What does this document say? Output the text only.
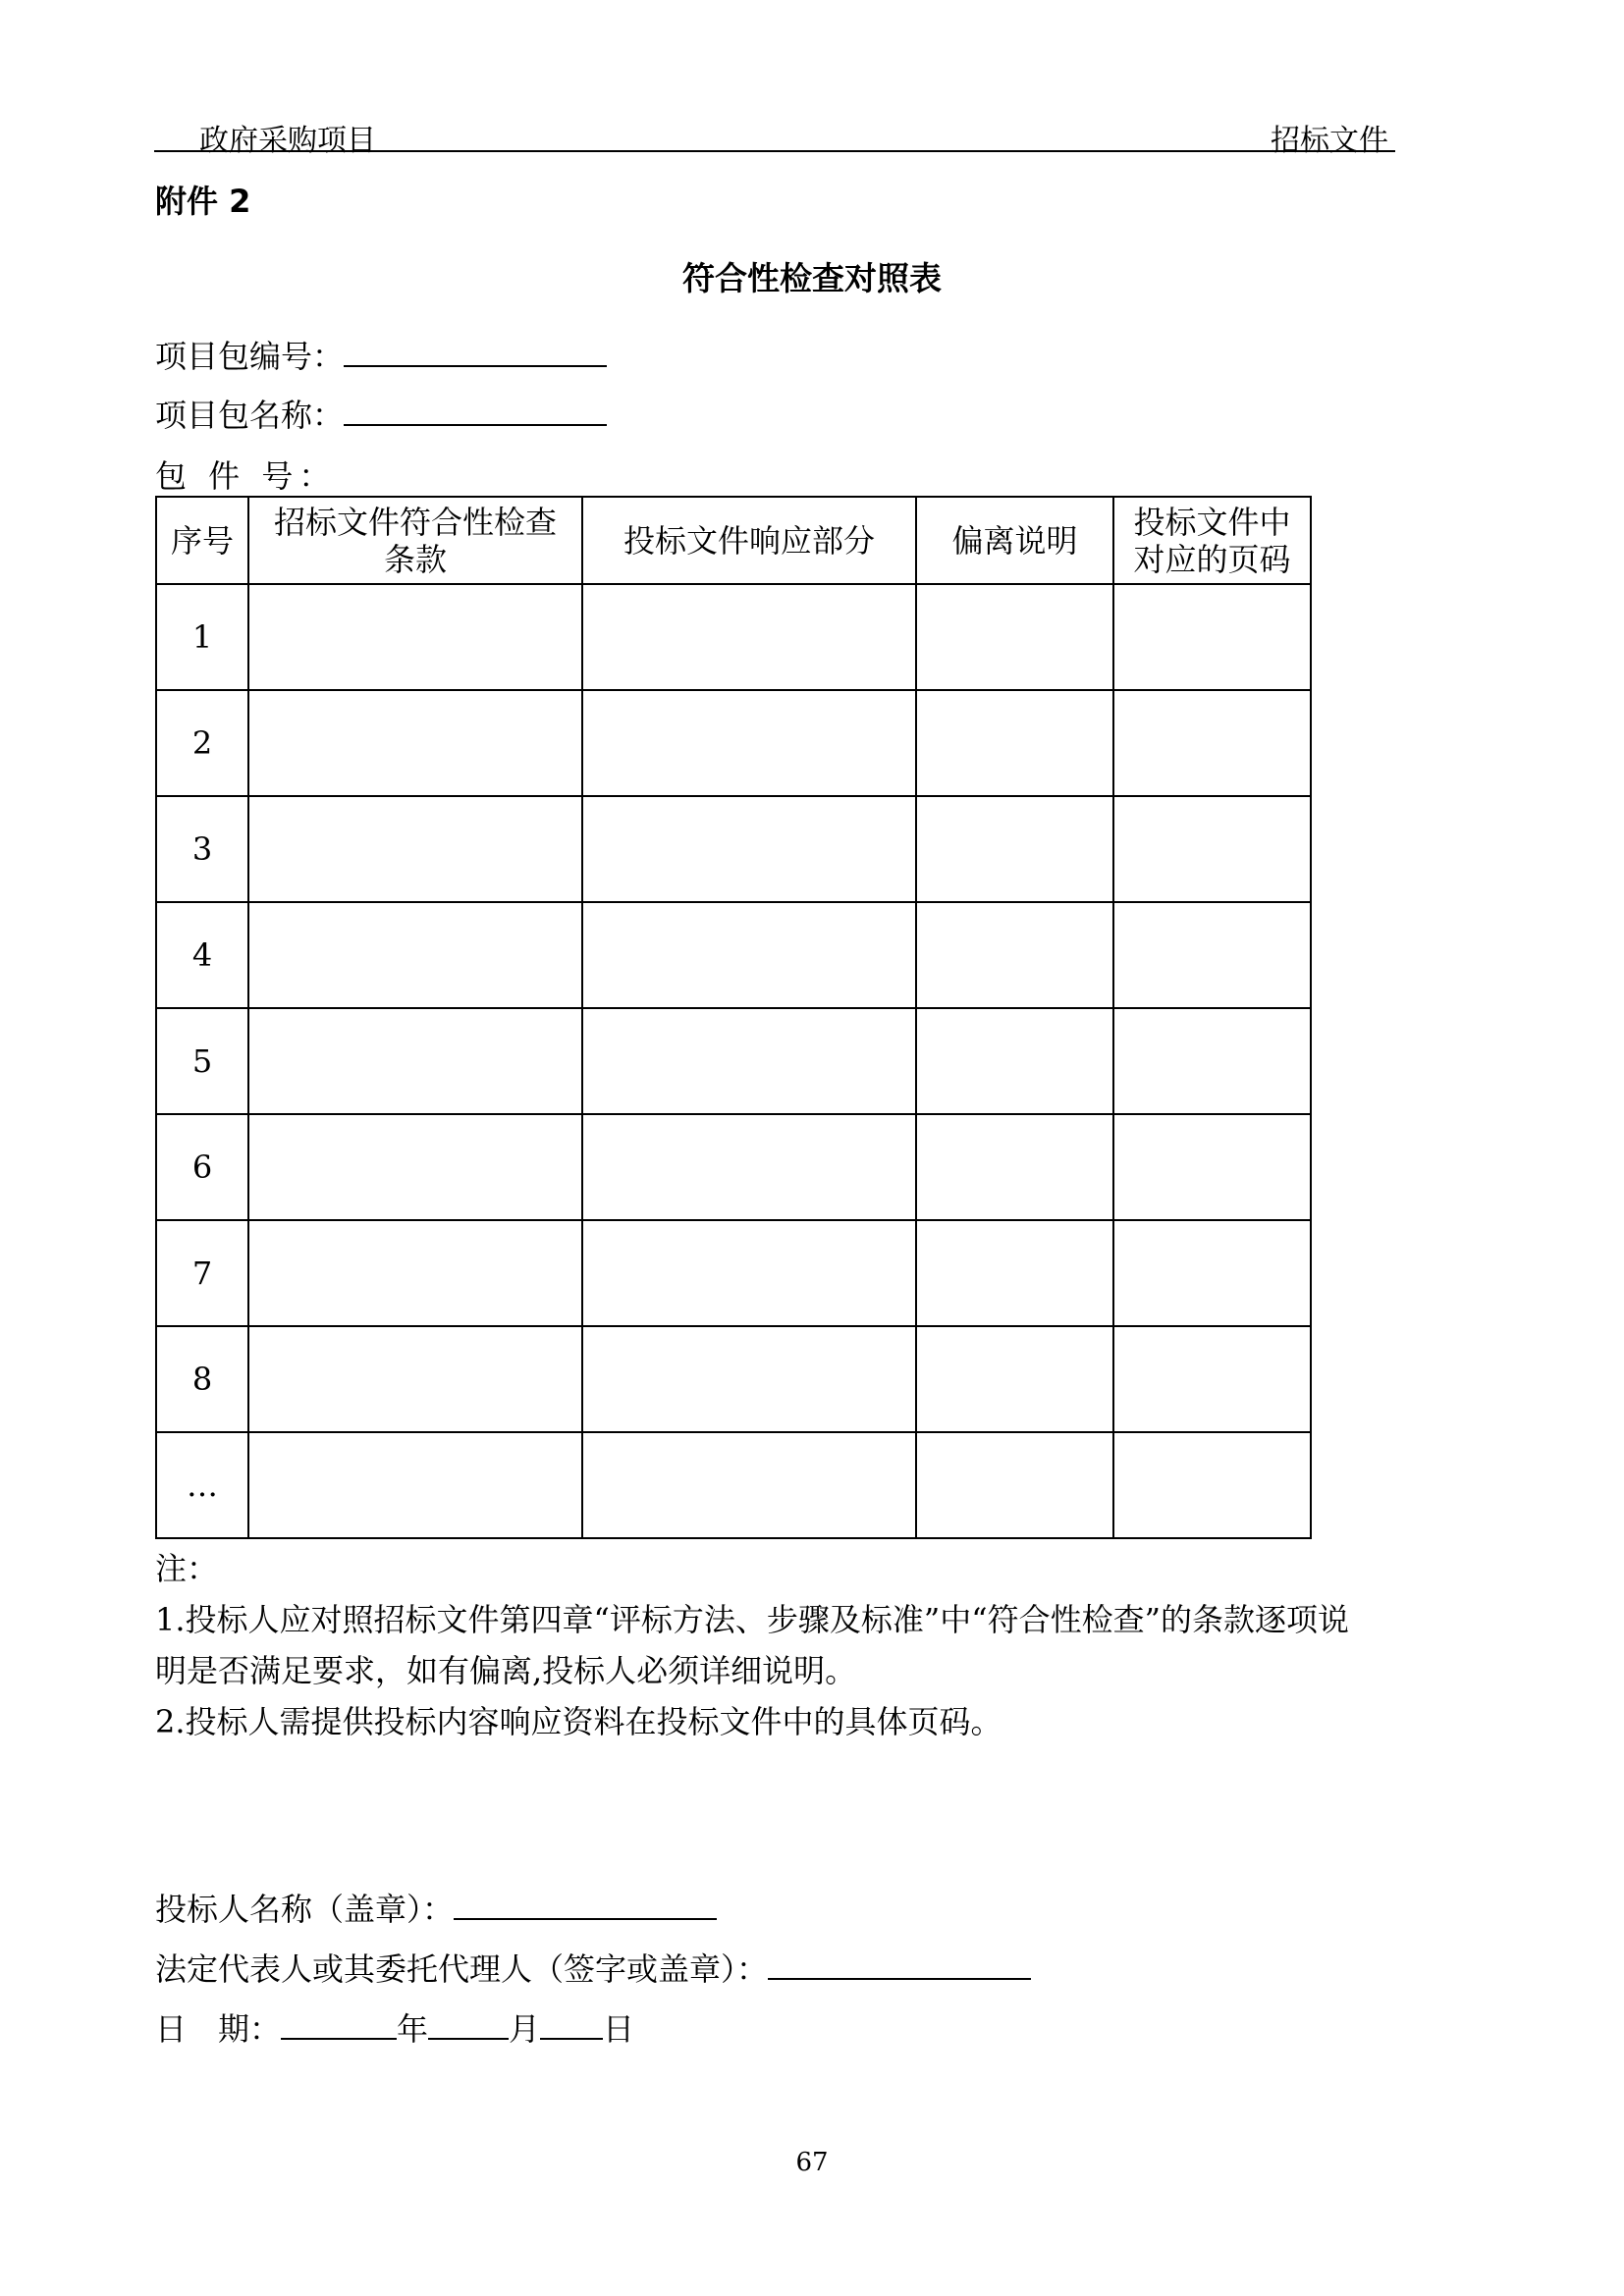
政府采购项目	招标文件
附件 2
符合性检查对照表
项目包编号：
项目包名称：
包 件 号：
序号	招标文件符合性检查条款	投标文件响应部分	偏离说明	投标文件中对应的页码

1				
2				
3				
4				
5				
6				
7				
8				
…				
注：
1.投标人应对照招标文件第四章“评标方法、步骤及标准”中“符合性检查”的条款逐项说
明是否满足要求，如有偏离,投标人必须详细说明。
2.投标人需提供投标内容响应资料在投标文件中的具体页码。
投标人名称（盖章）：
法定代表人或其委托代理人（签字或盖章）：
日　期：	年	月 日
67
